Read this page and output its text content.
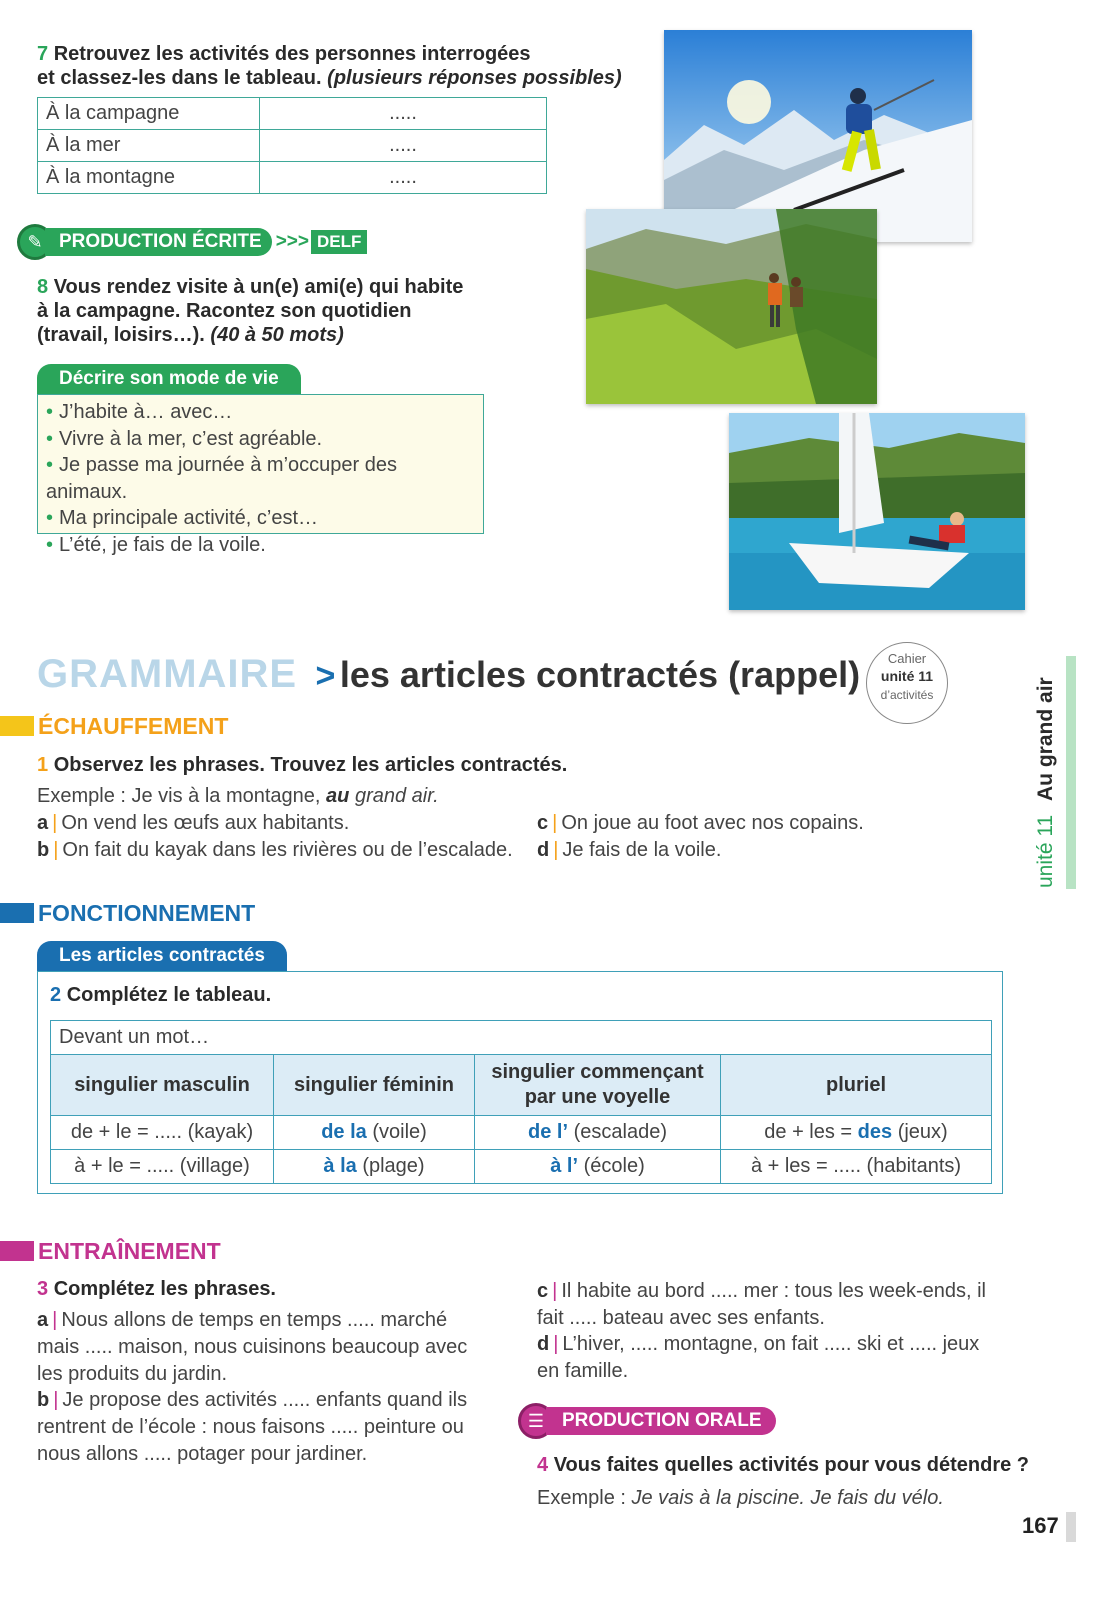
7 Retrouvez les activités des personnes interrogées
et classez-les dans le tableau. (plusieurs réponses possibles)
À la campagne	.....
À la mer	.....
À la montagne	.....
✎ PRODUCTION ÉCRITE >>> DELF
8 Vous rendez visite à un(e) ami(e) qui habite
à la campagne. Racontez son quotidien
(travail, loisirs…). (40 à 50 mots)
Décrire son mode de vie
• J’habite à… avec…
• Vivre à la mer, c’est agréable.
• Je passe ma journée à m’occuper des animaux.
• Ma principale activité, c’est…
• L’été, je fais de la voile.
GRAMMAIRE > les articles contractés (rappel)	Cahier
unité 11
d’activités
unité 11 Au grand air
ÉCHAUFFEMENT
1 Observez les phrases. Trouvez les articles contractés.
Exemple : Je vis à la montagne, au grand air.
a | On vend les œufs aux habitants.
b | On fait du kayak dans les rivières ou de l’escalade.
c | On joue au foot avec nos copains.
d | Je fais de la voile.
FONCTIONNEMENT
Les articles contractés
2 Complétez le tableau.
Devant un mot…			
singulier masculin	singulier féminin	singulier commençant par une voyelle	pluriel
de + le = ..... (kayak)	de la (voile)	de l’ (escalade)	de + les = des (jeux)
à + le = ..... (village)	à la (plage)	à l’ (école)	à + les = ..... (habitants)
ENTRAÎNEMENT
3 Complétez les phrases.
a | Nous allons de temps en temps ..... marché
mais ..... maison, nous cuisinons beaucoup avec
les produits du jardin.
b | Je propose des activités ..... enfants quand ils
rentrent de l’école : nous faisons ..... peinture ou
nous allons ..... potager pour jardiner.
c | Il habite au bord ..... mer : tous les week-ends, il
fait ..... bateau avec ses enfants.
d | L’hiver, ..... montagne, on fait ..... ski et ..... jeux
en famille.
☰ PRODUCTION ORALE
4 Vous faites quelles activités pour vous détendre ?
Exemple : Je vais à la piscine. Je fais du vélo.
167
